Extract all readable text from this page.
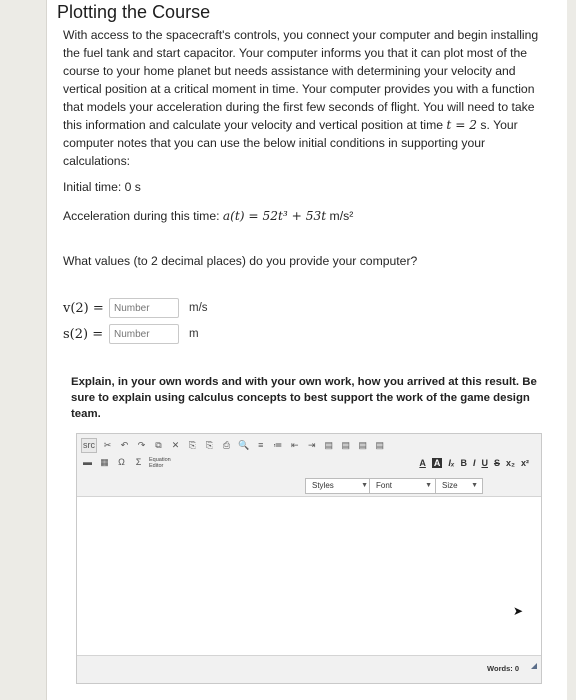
Plotting the Course
With access to the spacecraft's controls, you connect your computer and begin installing the fuel tank and start capacitor. Your computer informs you that it can plot most of the course to your home planet but needs assistance with determining your velocity and vertical position at a critical moment in time. Your computer provides you with a function that models your acceleration during the first few seconds of flight. You will need to take this information and calculate your velocity and vertical position at time t = 2 s. Your computer notes that you can use the below initial conditions in supporting your calculations:
Initial time: 0 s
Acceleration during this time: a(t) = 52t³ + 53t m/s²
What values (to 2 decimal places) do you provide your computer?
v(2) =
Number	m/s
s(2) =
Number	m
Explain, in your own words and with your own work, how you arrived at this result. Be sure to explain using calculus concepts to best support the work of the game design team.
src ✂	↶	↷	⧉	✕	⎘	⎘	⎙ 🔍 ≡	≔ ⇤	⇥ ▤ ▤ ▤ ▤
▬ ▦	Ω	Σ	Equation Editor	A A Iₓ B I U S x₂ x²
Styles	▼	Font	▼	Size ▼
➤
Words: 0
